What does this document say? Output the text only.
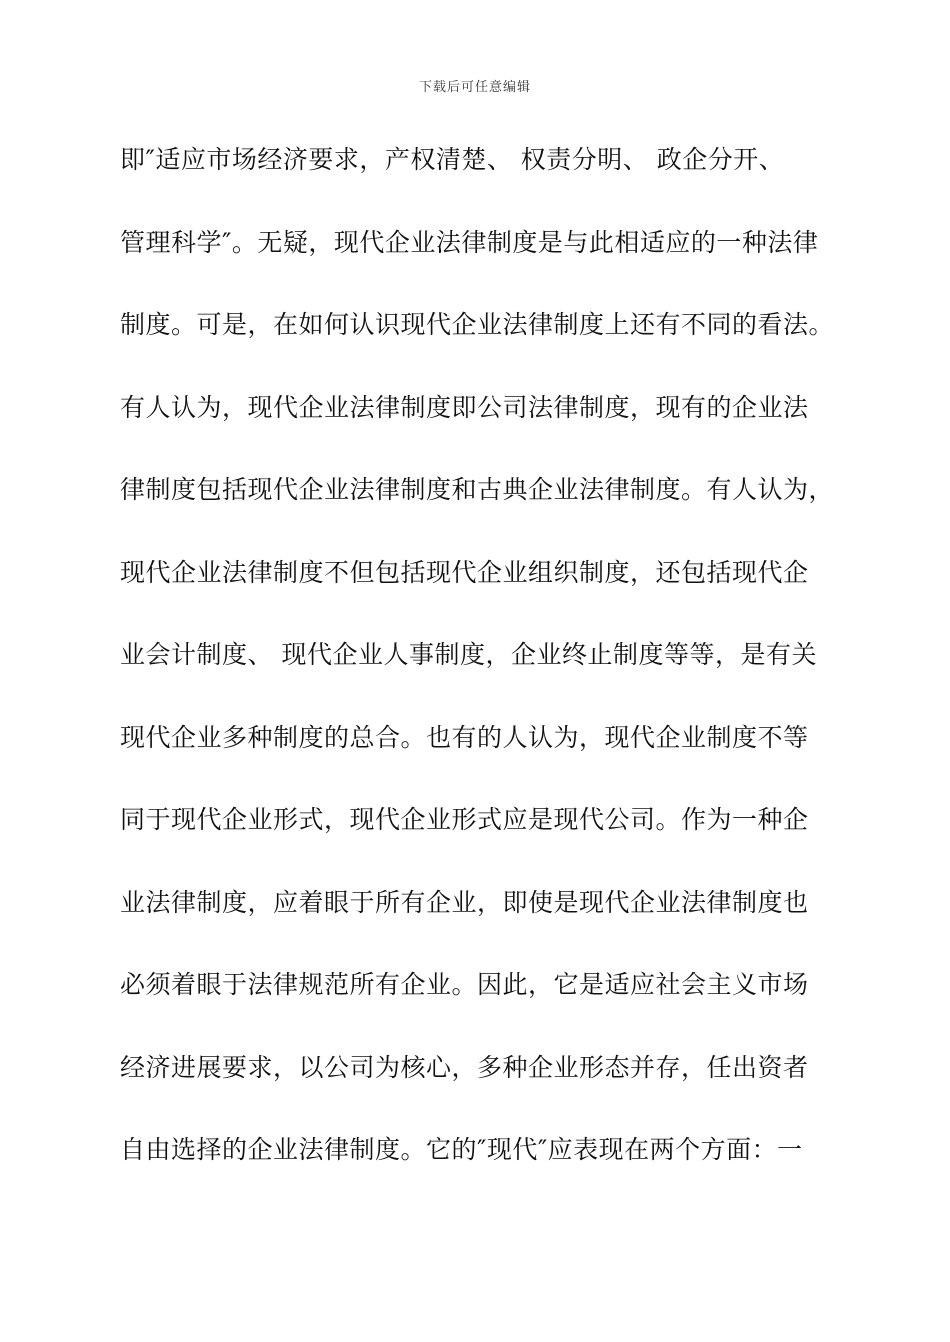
下载后可任意编辑
即″适应市场经济要求，产权清楚、 权责分明、 政企分开、
管理科学″。无疑，现代企业法律制度是与此相适应的一种法律
制度。可是，在如何认识现代企业法律制度上还有不同的看法。
有人认为，现代企业法律制度即公司法律制度，现有的企业法
律制度包括现代企业法律制度和古典企业法律制度。有人认为，
现代企业法律制度不但包括现代企业组织制度，还包括现代企
业会计制度、 现代企业人事制度，企业终止制度等等，是有关
现代企业多种制度的总合。也有的人认为，现代企业制度不等
同于现代企业形式，现代企业形式应是现代公司。作为一种企
业法律制度，应着眼于所有企业，即使是现代企业法律制度也
必须着眼于法律规范所有企业。因此，它是适应社会主义市场
经济进展要求，以公司为核心，多种企业形态并存，任出资者
自由选择的企业法律制度。它的″现代″应表现在两个方面：一
